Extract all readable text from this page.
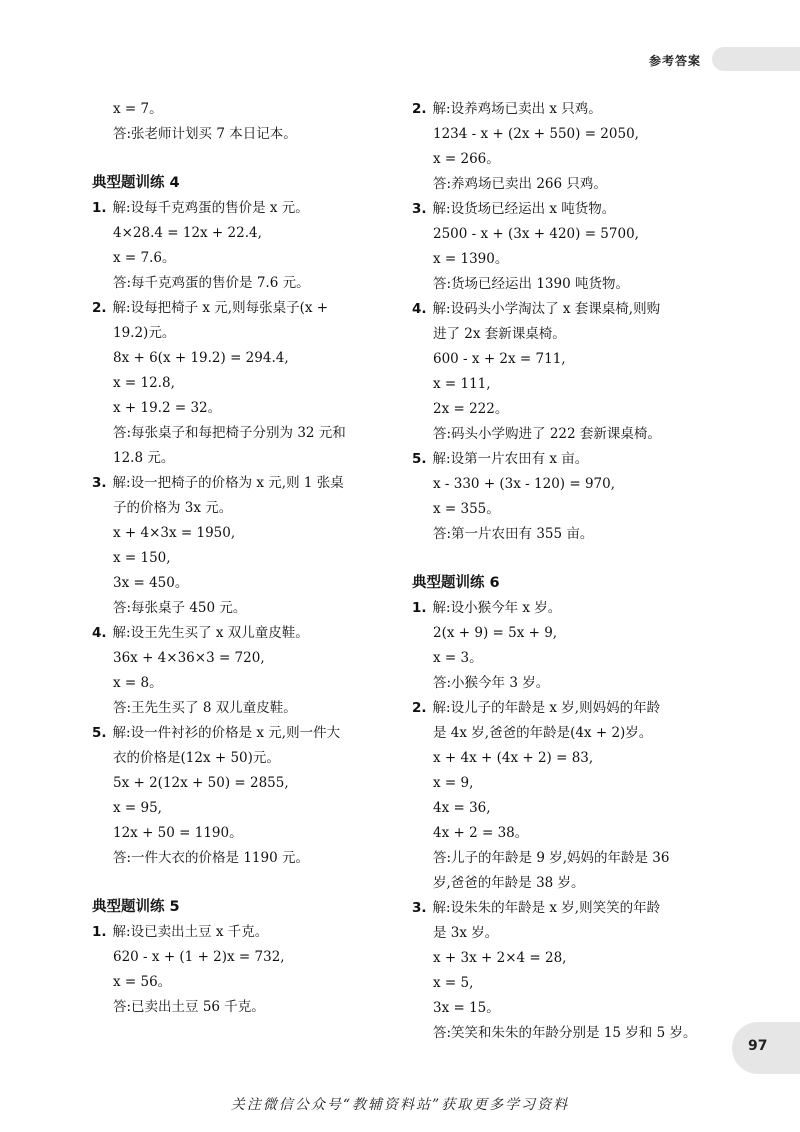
参考答案
x = 7。
答:张老师计划买 7 本日记本。
典型题训练 4
1. 解:设每千克鸡蛋的售价是 x 元。
4×28.4 = 12x + 22.4,
x = 7.6。
答:每千克鸡蛋的售价是 7.6 元。
2. 解:设每把椅子 x 元,则每张桌子(x +
19.2)元。
8x + 6(x + 19.2) = 294.4,
x = 12.8,
x + 19.2 = 32。
答:每张桌子和每把椅子分别为 32 元和
12.8 元。
3. 解:设一把椅子的价格为 x 元,则 1 张桌
子的价格为 3x 元。
x + 4×3x = 1950,
x = 150,
3x = 450。
答:每张桌子 450 元。
4. 解:设王先生买了 x 双儿童皮鞋。
36x + 4×36×3 = 720,
x = 8。
答:王先生买了 8 双儿童皮鞋。
5. 解:设一件衬衫的价格是 x 元,则一件大
衣的价格是(12x + 50)元。
5x + 2(12x + 50) = 2855,
x = 95,
12x + 50 = 1190。
答:一件大衣的价格是 1190 元。
典型题训练 5
1. 解:设已卖出土豆 x 千克。
620 - x + (1 + 2)x = 732,
x = 56。
答:已卖出土豆 56 千克。
2. 解:设养鸡场已卖出 x 只鸡。
1234 - x + (2x + 550) = 2050,
x = 266。
答:养鸡场已卖出 266 只鸡。
3. 解:设货场已经运出 x 吨货物。
2500 - x + (3x + 420) = 5700,
x = 1390。
答:货场已经运出 1390 吨货物。
4. 解:设码头小学淘汰了 x 套课桌椅,则购
进了 2x 套新课桌椅。
600 - x + 2x = 711,
x = 111,
2x = 222。
答:码头小学购进了 222 套新课桌椅。
5. 解:设第一片农田有 x 亩。
x - 330 + (3x - 120) = 970,
x = 355。
答:第一片农田有 355 亩。
典型题训练 6
1. 解:设小猴今年 x 岁。
2(x + 9) = 5x + 9,
x = 3。
答:小猴今年 3 岁。
2. 解:设儿子的年龄是 x 岁,则妈妈的年龄
是 4x 岁,爸爸的年龄是(4x + 2)岁。
x + 4x + (4x + 2) = 83,
x = 9,
4x = 36,
4x + 2 = 38。
答:儿子的年龄是 9 岁,妈妈的年龄是 36
岁,爸爸的年龄是 38 岁。
3. 解:设朱朱的年龄是 x 岁,则笑笑的年龄
是 3x 岁。
x + 3x + 2×4 = 28,
x = 5,
3x = 15。
答:笑笑和朱朱的年龄分别是 15 岁和 5 岁。
97
关注微信公众号“教辅资料站”获取更多学习资料
